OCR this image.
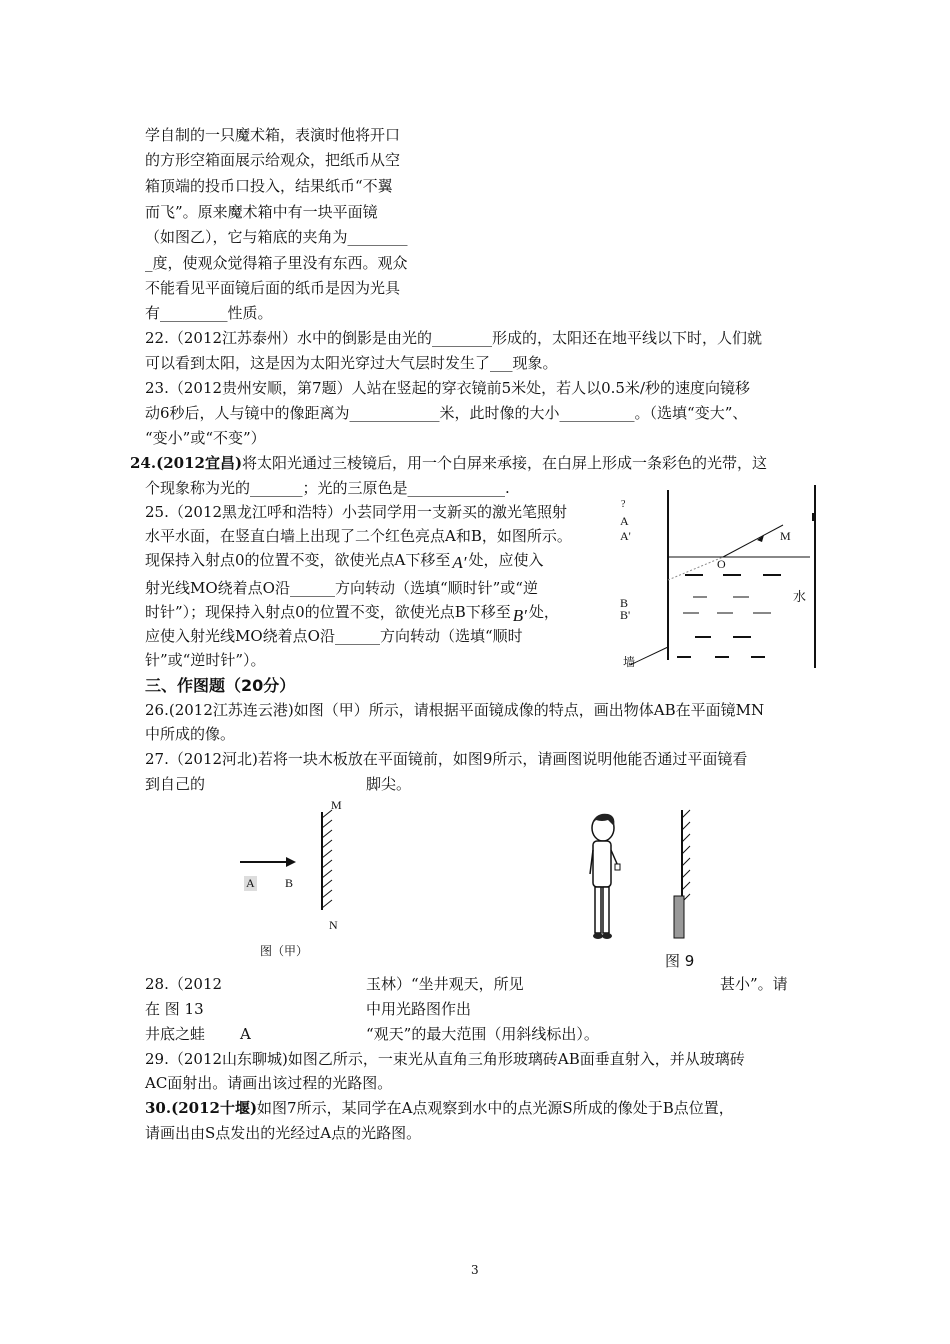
学自制的一只魔术箱，表演时他将开口
的方形空箱面展示给观众，把纸币从空
箱顶端的投币口投入，结果纸币“不翼
而飞”。原来魔术箱中有一块平面镜
（如图乙），它与箱底的夹角为________
_度，使观众觉得箱子里没有东西。观众
不能看见平面镜后面的纸币是因为光具
有_________性质。
22.（2012江苏泰州）水中的倒影是由光的________形成的，太阳还在地平线以下时，人们就
可以看到太阳，这是因为太阳光穿过大气层时发生了___现象。
23.（2012贵州安顺，第7题）人站在竖起的穿衣镜前5米处，若人以0.5米/秒的速度向镜移
动6秒后，人与镜中的像距离为____________米，此时像的大小__________。（选填“变大”、
“变小”或“不变”）
24.(2012宜昌)将太阳光通过三棱镜后，用一个白屏来承接，在白屏上形成一条彩色的光带，这
个现象称为光的_______；光的三原色是_____________.
25.（2012黑龙江呼和浩特）小芸同学用一支新买的激光笔照射
水平水面，在竖直白墙上出现了二个红色亮点A和B，如图所示。
现保持入射点0的位置不变，欲使光点A下移至 A′ 处，应使入
射光线MO绕着点O沿______方向转动（选填“顺时针”或“逆
时针”）；现保持入射点0的位置不变，欲使光点B下移至 B′ 处，
应使入射光线MO绕着点O沿______方向转动（选填“顺时
针”或“逆时针”）。
?
A
A'
B
B'
O
M
水
墙
三、作图题（20分）
26.(2012江苏连云港)如图（甲）所示，请根据平面镜成像的特点，画出物体AB在平面镜MN
中所成的像。
27.（2012河北)若将一块木板放在平面镜前，如图9所示，请画图说明他能否通过平面镜看
到自己的	脚尖。
A	B
M
N
图（甲）
图 9
28.（2012	玉林）“坐井观天，所见	甚小”。请
在 图 13	中用光路图作出
井底之蛙 A	“观天”的最大范围（用斜线标出）。
29.（2012山东聊城)如图乙所示，一束光从直角三角形玻璃砖AB面垂直射入，并从玻璃砖
AC面射出。请画出该过程的光路图。
30.(2012十堰)如图7所示，某同学在A点观察到水中的点光源S所成的像处于B点位置，
请画出由S点发出的光经过A点的光路图。
3
